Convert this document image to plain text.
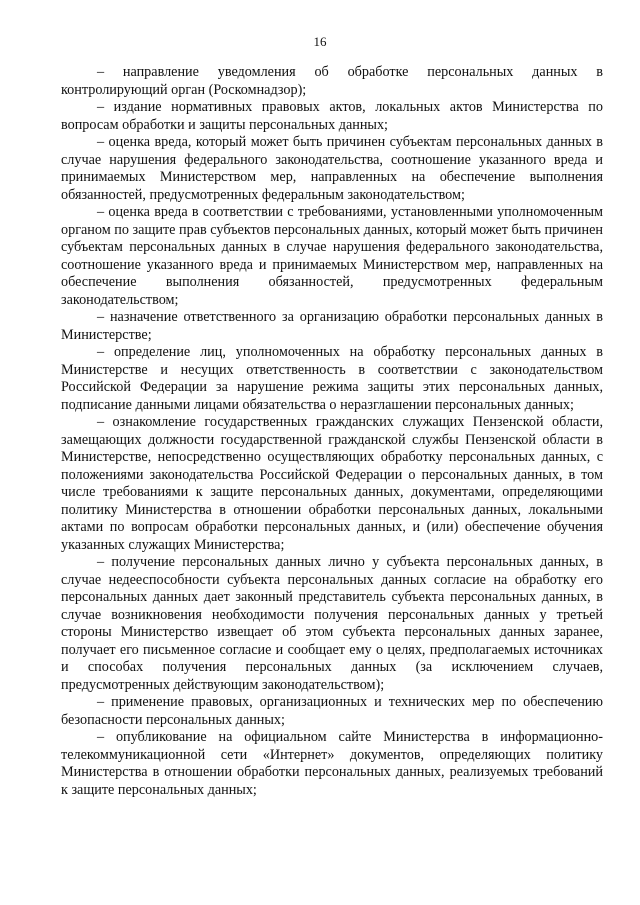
16

– направление уведомления об обработке персональных данных в контролирующий орган (Роскомнадзор);

– издание нормативных правовых актов, локальных актов Министерства по вопросам обработки и защиты персональных данных;

– оценка вреда, который может быть причинен субъектам персональных данных в случае нарушения федерального законодательства, соотношение указанного вреда и принимаемых Министерством мер, направленных на обеспечение выполнения обязанностей, предусмотренных федеральным законодательством;

– оценка вреда в соответствии с требованиями, установленными уполномоченным органом по защите прав субъектов персональных данных, который может быть причинен субъектам персональных данных в случае нарушения федерального законодательства, соотношение указанного вреда и принимаемых Министерством мер, направленных на обеспечение выполнения обязанностей, предусмотренных федеральным законодательством;

– назначение ответственного за организацию обработки персональных данных в Министерстве;

– определение лиц, уполномоченных на обработку персональных данных в Министерстве и несущих ответственность в соответствии с законодательством Российской Федерации за нарушение режима защиты этих персональных данных, подписание данными лицами обязательства о неразглашении персональных данных;

– ознакомление государственных гражданских служащих Пензенской области, замещающих должности государственной гражданской службы Пензенской области в Министерстве, непосредственно осуществляющих обработку персональных данных, с положениями законодательства Российской Федерации о персональных данных, в том числе требованиями к защите персональных данных, документами, определяющими политику Министерства в отношении обработки персональных данных, локальными актами по вопросам обработки персональных данных, и (или) обеспечение обучения указанных служащих Министерства;

– получение персональных данных лично у субъекта персональных данных, в случае недееспособности субъекта персональных данных согласие на обработку его персональных данных дает законный представитель субъекта персональных данных, в случае возникновения необходимости получения персональных данных у третьей стороны Министерство извещает об этом субъекта персональных данных заранее, получает его письменное согласие и сообщает ему о целях, предполагаемых источниках и способах получения персональных данных (за исключением случаев, предусмотренных действующим законодательством);

– применение правовых, организационных и технических мер по обеспечению безопасности персональных данных;

– опубликование на официальном сайте Министерства в информационно-телекоммуникационной сети «Интернет» документов, определяющих политику Министерства в отношении обработки персональных данных, реализуемых требований к защите персональных данных;
